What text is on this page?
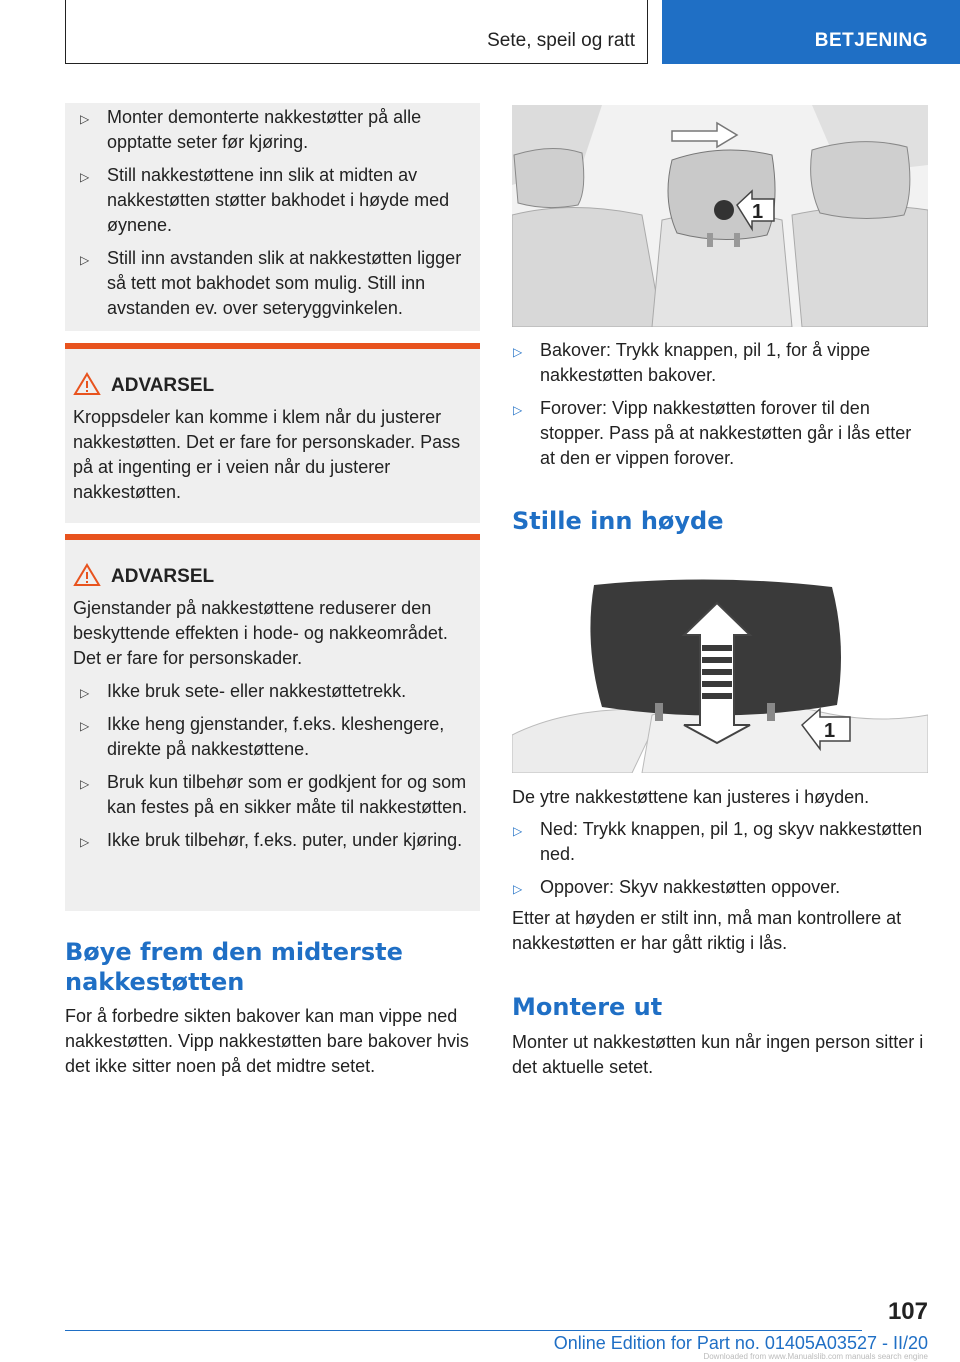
Sete, speil og ratt	BETJENING
▷ Monter demonterte nakkestøtter på alle opptatte seter før kjøring.
▷ Still nakkestøttene inn slik at midten av nakkestøtten støtter bakhodet i høyde med øynene.
▷ Still inn avstanden slik at nakkestøtten ligger så tett mot bakhodet som mulig. Still inn avstanden ev. over seteryggvinkelen.
ADVARSEL
Kroppsdeler kan komme i klem når du justerer nakkestøtten. Det er fare for personskader. Pass på at ingenting er i veien når du justerer nakkestøtten.
ADVARSEL
Gjenstander på nakkestøttene reduserer den beskyttende effekten i hode- og nakkeområdet. Det er fare for personskader.
▷ Ikke bruk sete- eller nakkestøttetrekk.
▷ Ikke heng gjenstander, f.eks. kleshengere, direkte på nakkestøttene.
▷ Bruk kun tilbehør som er godkjent for og som kan festes på en sikker måte til nakkestøtten.
▷ Ikke bruk tilbehør, f.eks. puter, under kjøring.
Bøye frem den midterste nakkestøtten
For å forbedre sikten bakover kan man vippe ned nakkestøtten. Vipp nakkestøtten bare bakover hvis det ikke sitter noen på det midtre setet.
1
▷ Bakover: Trykk knappen, pil 1, for å vippe nakkestøtten bakover.
▷ Forover: Vipp nakkestøtten forover til den stopper. Pass på at nakkestøtten går i lås etter at den er vippen forover.
Stille inn høyde
1
De ytre nakkestøttene kan justeres i høyden.
▷ Ned: Trykk knappen, pil 1, og skyv nakkestøtten ned.
▷ Oppover: Skyv nakkestøtten oppover.
Etter at høyden er stilt inn, må man kontrollere at nakkestøtten er har gått riktig i lås.
Montere ut
Monter ut nakkestøtten kun når ingen person sitter i det aktuelle setet.
107
Online Edition for Part no. 01405A03527 - II/20
Downloaded from www.Manualslib.com manuals search engine
